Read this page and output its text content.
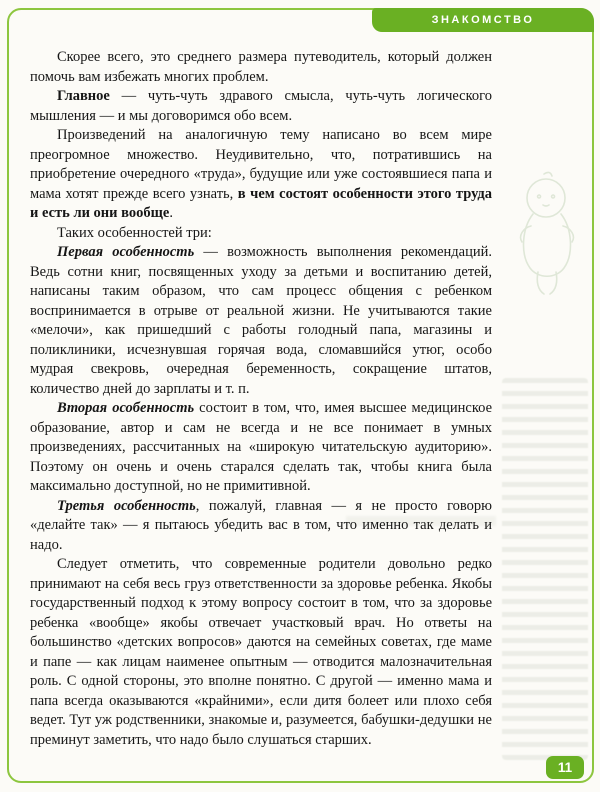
ЗНАКОМСТВО

Скорее всего, это среднего размера путеводитель, который должен помочь вам избежать многих проблем.

Главное — чуть-чуть здравого смысла, чуть-чуть логического мышления — и мы договоримся обо всем.

Произведений на аналогичную тему написано во всем мире преогромное множество. Неудивительно, что, потратившись на приобретение очередного «труда», будущие или уже состоявшиеся папа и мама хотят прежде всего узнать, в чем состоят особенности этого труда и есть ли они вообще.

Таких особенностей три:

Первая особенность — возможность выполнения рекомендаций. Ведь сотни книг, посвященных уходу за детьми и воспитанию детей, написаны таким образом, что сам процесс общения с ребенком воспринимается в отрыве от реальной жизни. Не учитываются такие «мелочи», как пришедший с работы голодный папа, магазины и поликлиники, исчезнувшая горячая вода, сломавшийся утюг, особо мудрая свекровь, очередная беременность, сокращение штатов, количество дней до зарплаты и т. п.

Вторая особенность состоит в том, что, имея высшее медицинское образование, автор и сам не всегда и не все понимает в умных произведениях, рассчитанных на «широкую читательскую аудиторию». Поэтому он очень и очень старался сделать так, чтобы книга была максимально доступной, но не примитивной.

Третья особенность, пожалуй, главная — я не просто говорю «делайте так» — я пытаюсь убедить вас в том, что именно так делать и надо.

Следует отметить, что современные родители довольно редко принимают на себя весь груз ответственности за здоровье ребенка. Якобы государственный подход к этому вопросу состоит в том, что за здоровье ребенка «вообще» якобы отвечает участковый врач. Но ответы на большинство «детских вопросов» даются на семейных советах, где маме и папе — как лицам наименее опытным — отводится малозначительная роль. С одной стороны, это вполне понятно. С другой — именно мама и папа всегда оказываются «крайними», если дитя болеет или плохо себя ведет. Тут уж родственники, знакомые и, разумеется, бабушки-дедушки не преминут заметить, что надо было слушаться старших.

11
